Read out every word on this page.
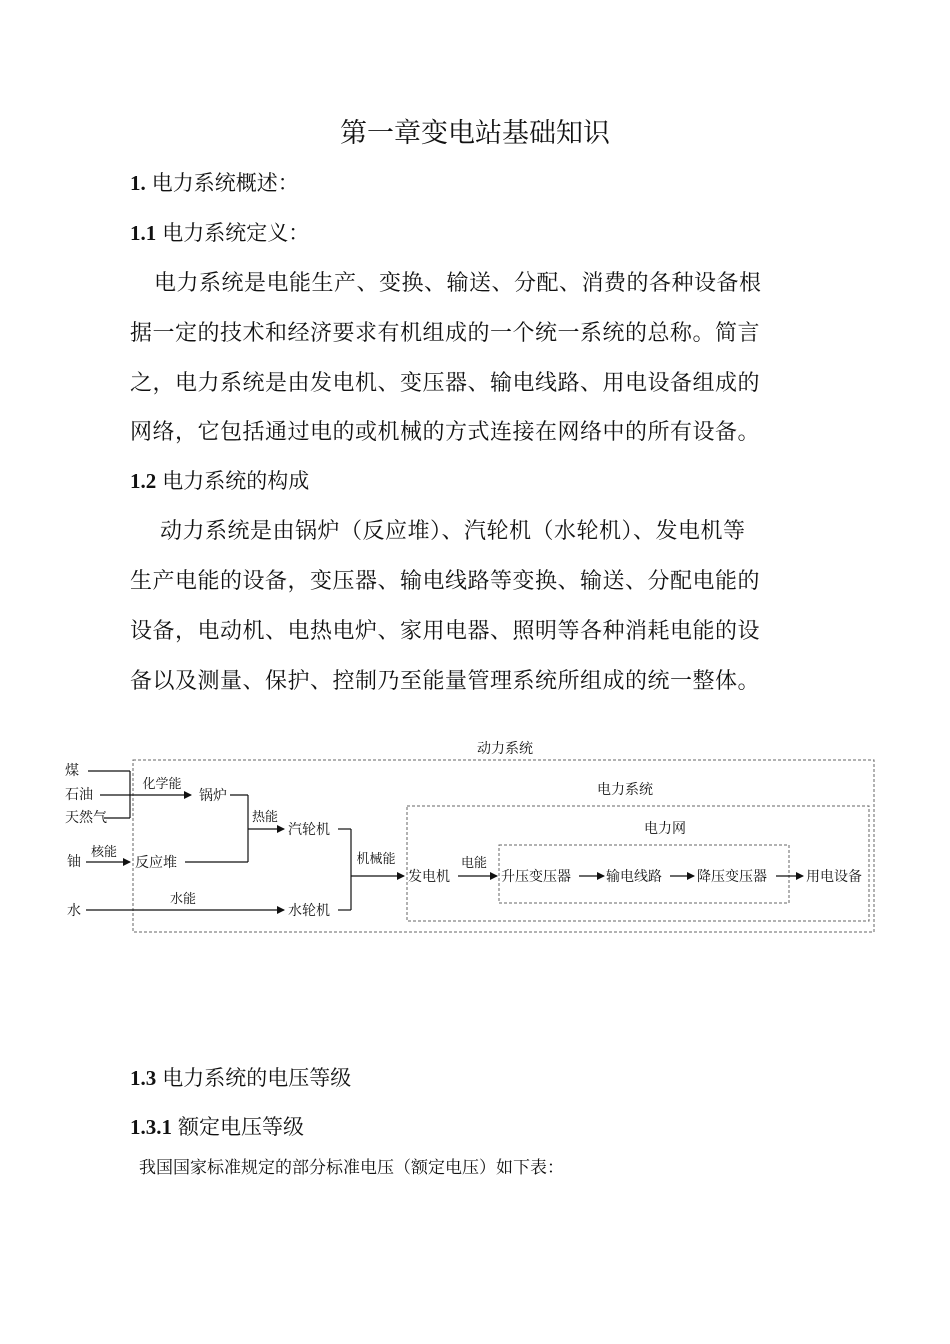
第一章变电站基础知识
1. 电力系统概述：
1.1 电力系统定义：
电力系统是电能生产、变换、输送、分配、消费的各种设备根
据一定的技术和经济要求有机组成的一个统一系统的总称。简言
之，电力系统是由发电机、变压器、输电线路、用电设备组成的
网络，它包括通过电的或机械的方式连接在网络中的所有设备。
1.2 电力系统的构成
动力系统是由锅炉（反应堆）、汽轮机（水轮机）、发电机等
生产电能的设备，变压器、输电线路等变换、输送、分配电能的
设备，电动机、电热电炉、家用电器、照明等各种消耗电能的设
备以及测量、保护、控制乃至能量管理系统所组成的统一整体。
动力系统
电力系统
电力网
煤
石油
天然气
铀
水
化学能
锅炉
核能
反应堆
热能
汽轮机
水能
水轮机
机械能
发电机
电能
升压变压器	输电线路	降压变压器	用电设备
1.3 电力系统的电压等级
1.3.1 额定电压等级
我国国家标准规定的部分标准电压（额定电压）如下表：
